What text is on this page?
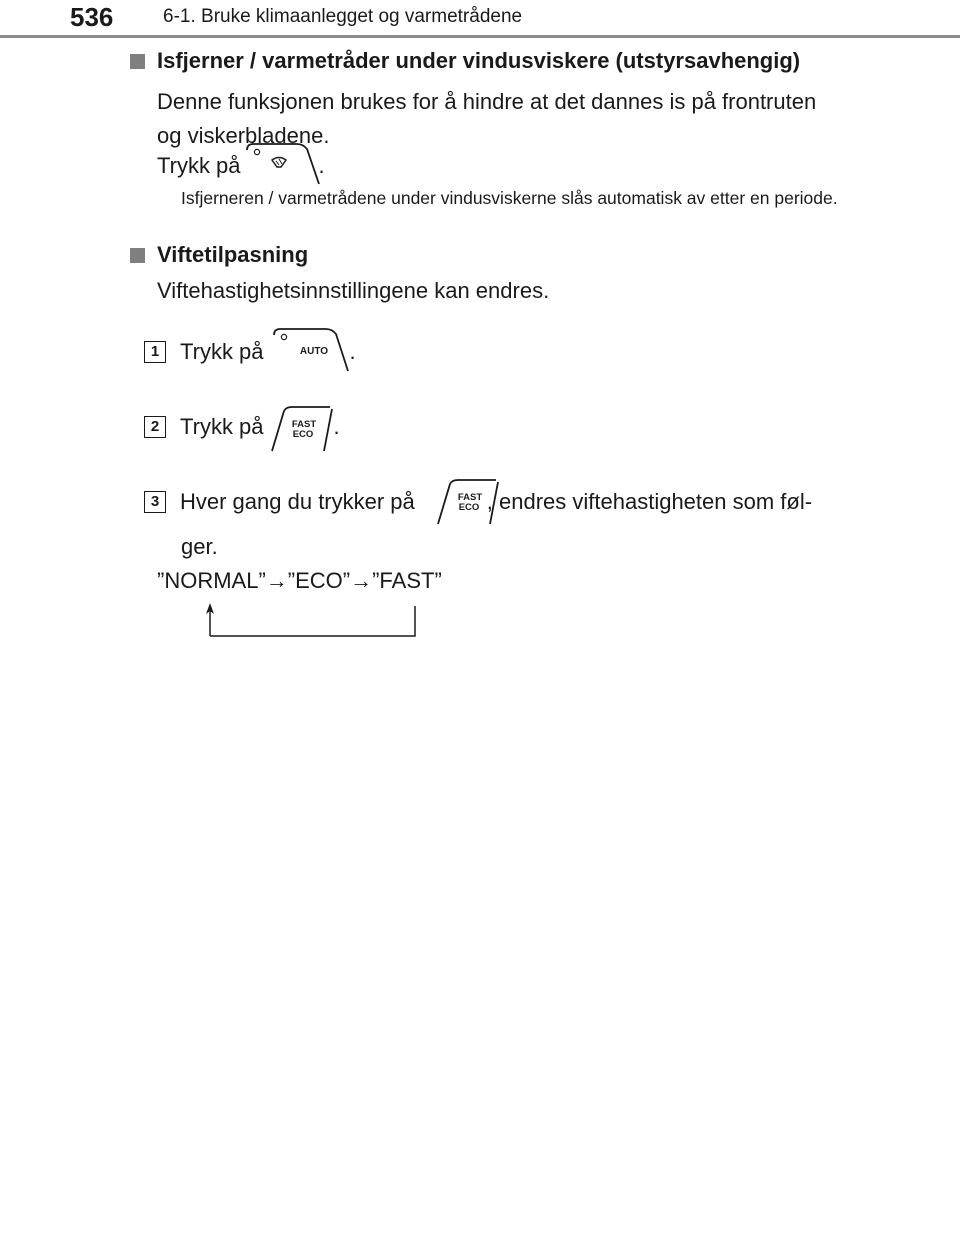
536	6-1. Bruke klimaanlegget og varmetrådene
Isfjerner / varmetråder under vindusviskere (utstyrsavhengig)
Denne funksjonen brukes for å hindre at det dannes is på frontruten
og viskerbladene.
Trykk på	.
Isfjerneren / varmetrådene under vindusviskerne slås automatisk av etter en periode.
Viftetilpasning
Viftehastighetsinnstillingene kan endres.
1 Trykk på	.
AUTO
2 Trykk på	.
FAST
ECO
3 Hver gang du trykker på	, endres viftehastigheten som føl-
FAST
ECO
ger.
”NORMAL”→”ECO”→”FAST”
